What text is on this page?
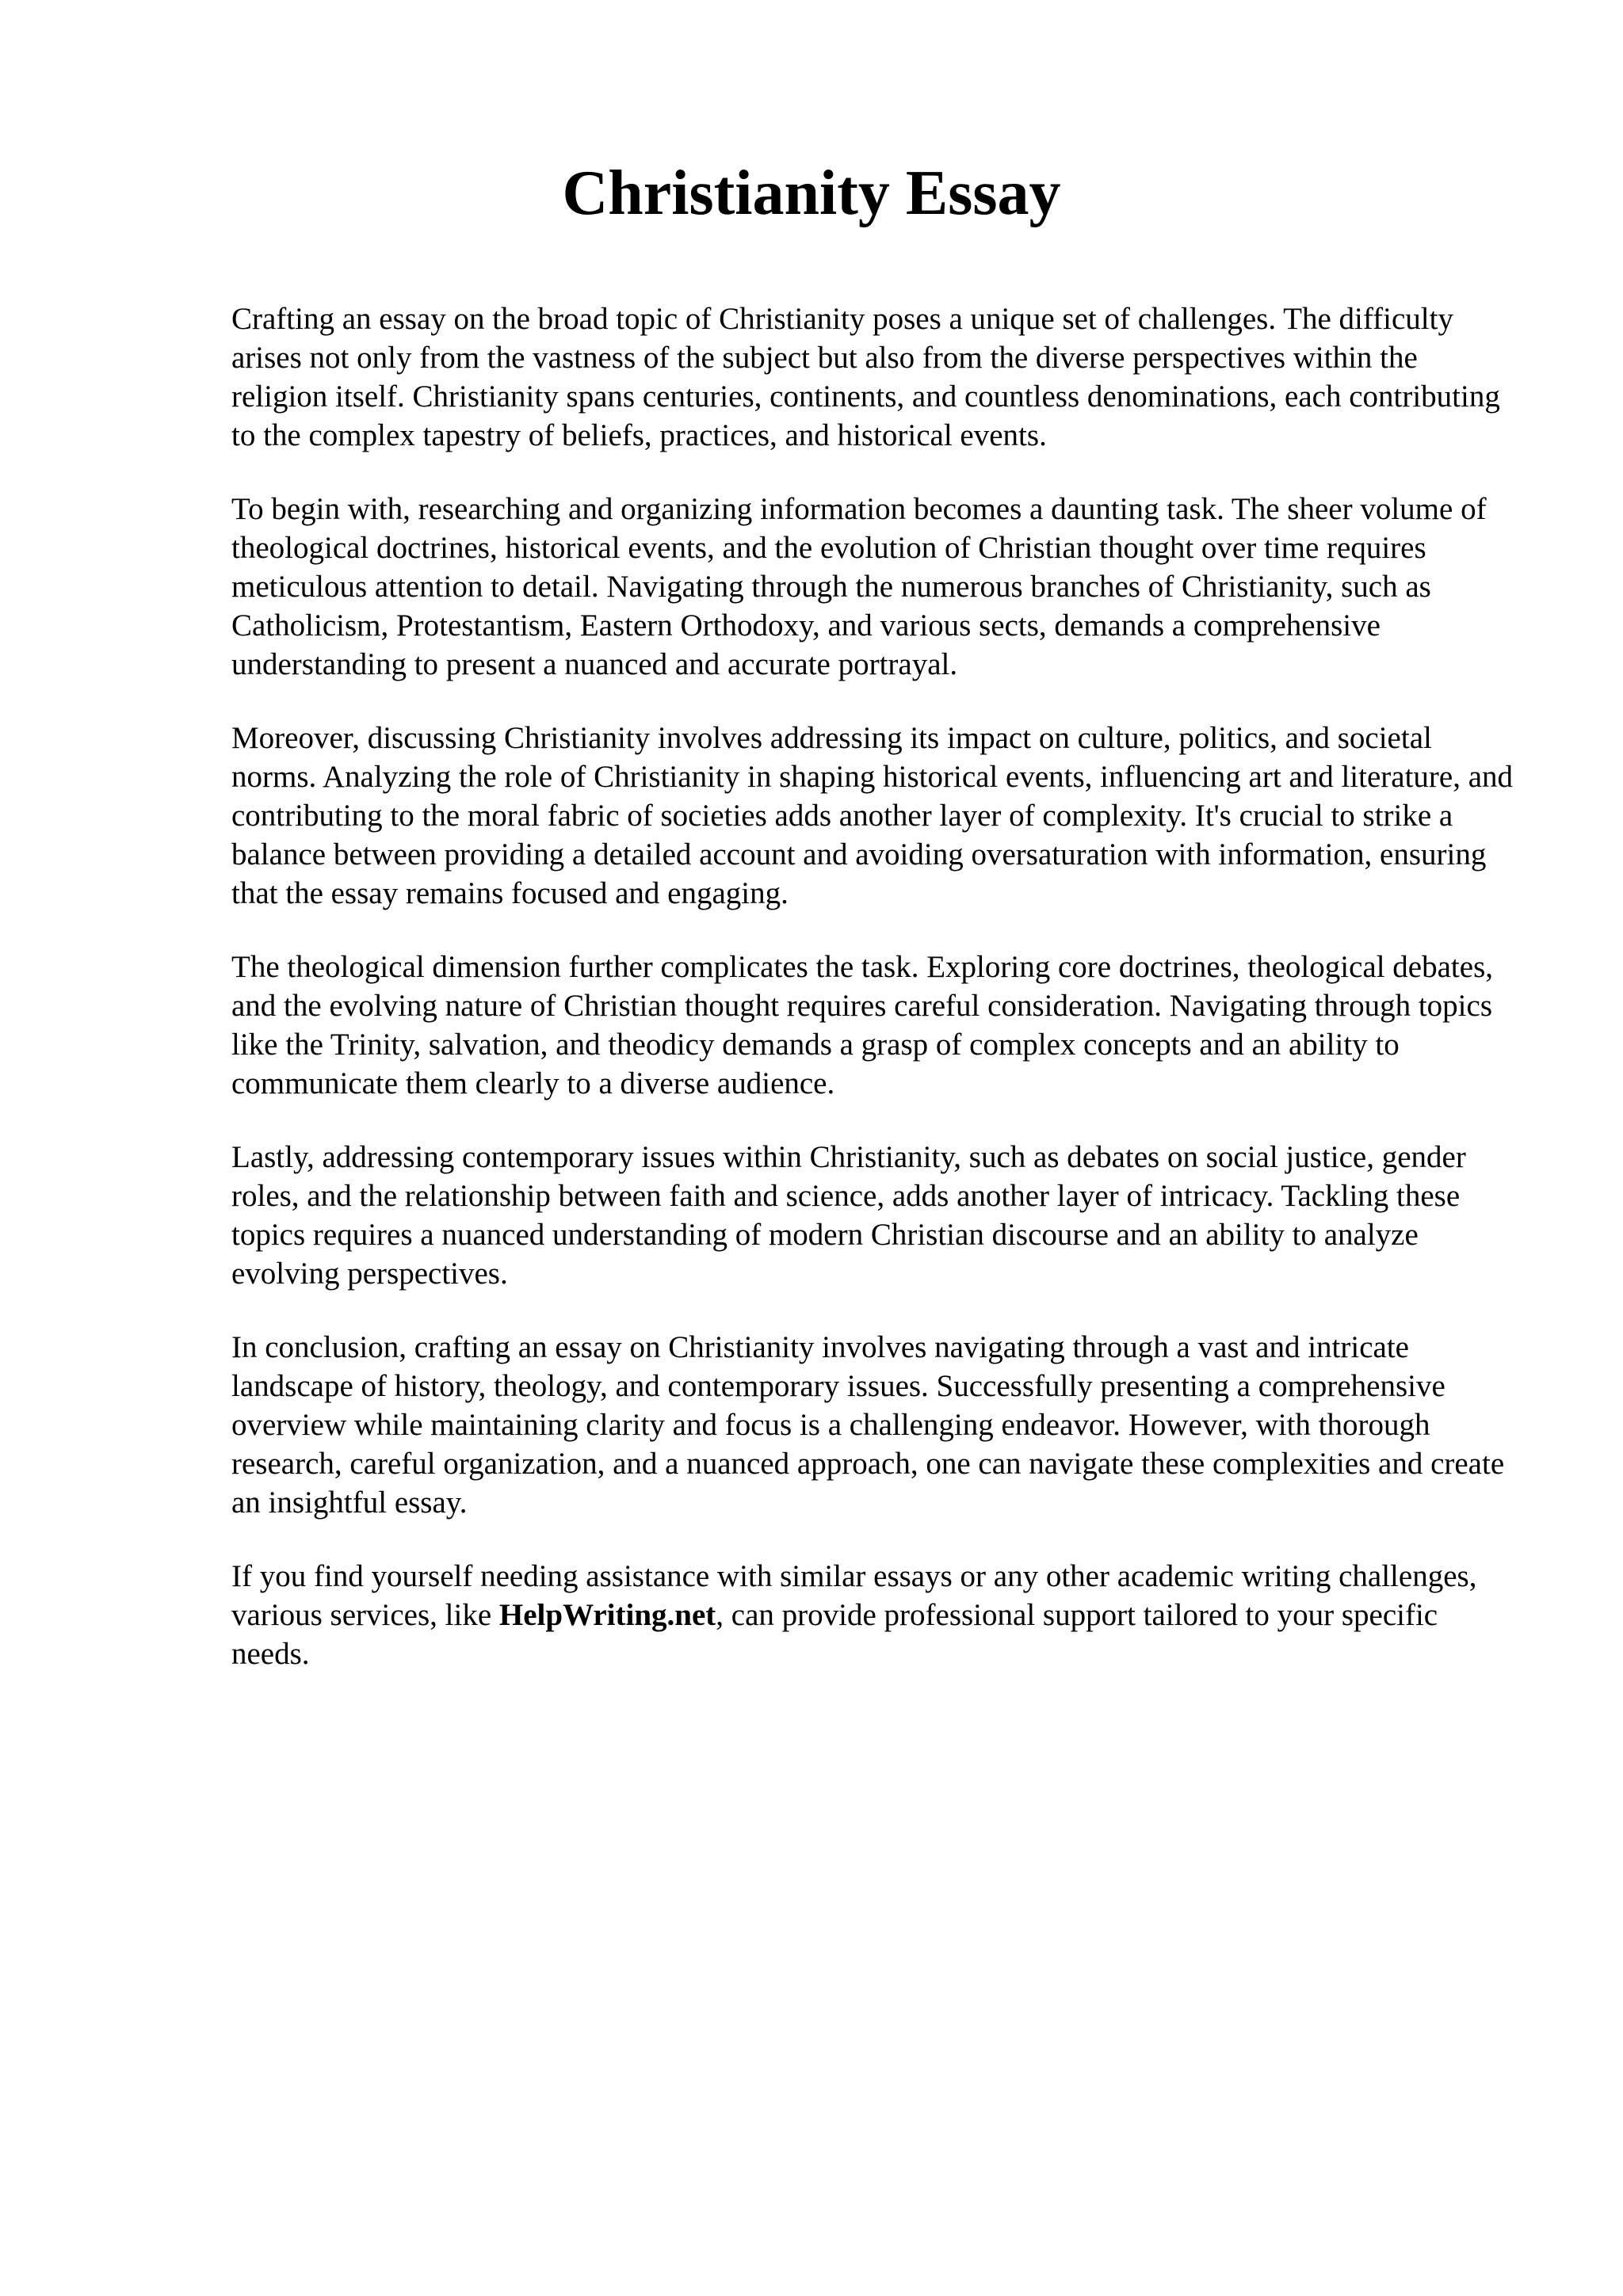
Christianity Essay

Crafting an essay on the broad topic of Christianity poses a unique set of challenges. The difficulty arises not only from the vastness of the subject but also from the diverse perspectives within the religion itself. Christianity spans centuries, continents, and countless denominations, each contributing to the complex tapestry of beliefs, practices, and historical events.

To begin with, researching and organizing information becomes a daunting task. The sheer volume of theological doctrines, historical events, and the evolution of Christian thought over time requires meticulous attention to detail. Navigating through the numerous branches of Christianity, such as Catholicism, Protestantism, Eastern Orthodoxy, and various sects, demands a comprehensive understanding to present a nuanced and accurate portrayal.

Moreover, discussing Christianity involves addressing its impact on culture, politics, and societal norms. Analyzing the role of Christianity in shaping historical events, influencing art and literature, and contributing to the moral fabric of societies adds another layer of complexity. It's crucial to strike a balance between providing a detailed account and avoiding oversaturation with information, ensuring that the essay remains focused and engaging.

The theological dimension further complicates the task. Exploring core doctrines, theological debates, and the evolving nature of Christian thought requires careful consideration. Navigating through topics like the Trinity, salvation, and theodicy demands a grasp of complex concepts and an ability to communicate them clearly to a diverse audience.

Lastly, addressing contemporary issues within Christianity, such as debates on social justice, gender roles, and the relationship between faith and science, adds another layer of intricacy. Tackling these topics requires a nuanced understanding of modern Christian discourse and an ability to analyze evolving perspectives.

In conclusion, crafting an essay on Christianity involves navigating through a vast and intricate landscape of history, theology, and contemporary issues. Successfully presenting a comprehensive overview while maintaining clarity and focus is a challenging endeavor. However, with thorough research, careful organization, and a nuanced approach, one can navigate these complexities and create an insightful essay.

If you find yourself needing assistance with similar essays or any other academic writing challenges, various services, like HelpWriting.net, can provide professional support tailored to your specific needs.
